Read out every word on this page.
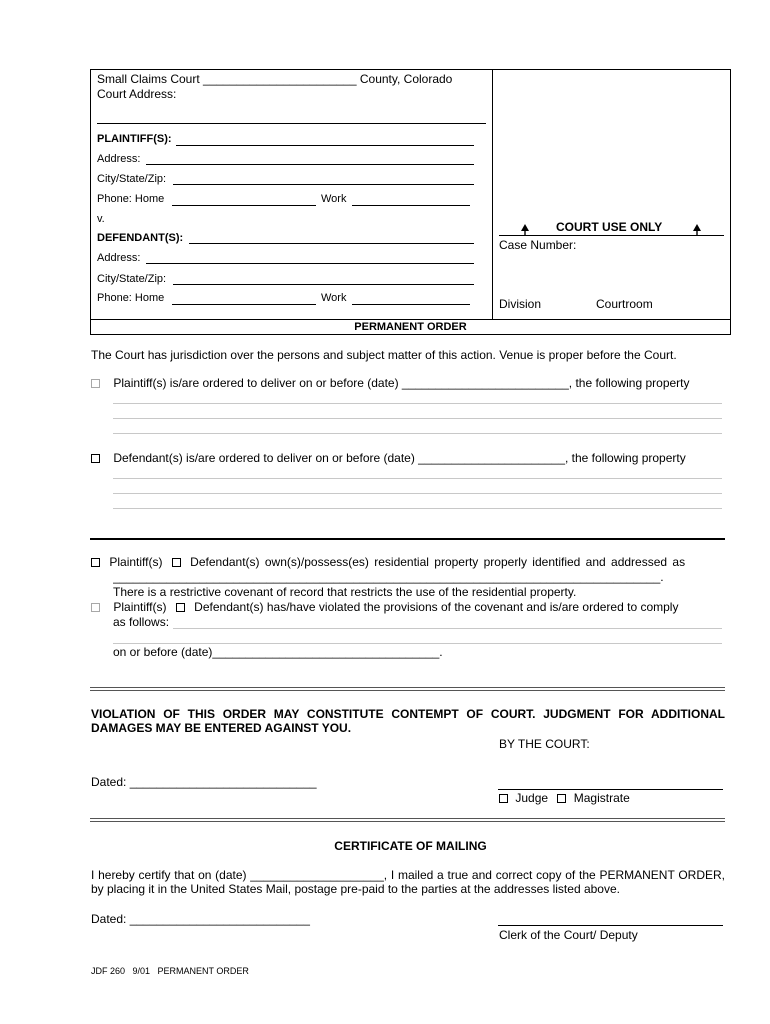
Small Claims Court _______________________ County, Colorado
Court Address:
PLAINTIFF(S):
Address:
City/State/Zip:
Phone: Home	Work
v.
DEFENDANT(S):
Address:
City/State/Zip:
Phone: Home	Work
COURT USE ONLY
Case Number:
Division	Courtroom
PERMANENT ORDER
The Court has jurisdiction over the persons and subject matter of this action. Venue is proper before the Court.
Plaintiff(s) is/are ordered to deliver on or before (date) _________________________, the following property
Defendant(s) is/are ordered to deliver on or before (date) ______________________, the following property
Plaintiff(s) Defendant(s) own(s)/possess(es) residential property properly identified and addressed as
__________________________________________________________________________________.
There is a restrictive covenant of record that restricts the use of the residential property.
Plaintiff(s) Defendant(s) has/have violated the provisions of the covenant and is/are ordered to comply
as follows:
on or before (date)__________________________________.
VIOLATION OF THIS ORDER MAY CONSTITUTE CONTEMPT OF COURT. JUDGMENT FOR ADDITIONAL DAMAGES MAY BE ENTERED AGAINST YOU.
BY THE COURT:
Dated: ____________________________
Judge Magistrate
CERTIFICATE OF MAILING
I hereby certify that on (date) ____________________, I mailed a true and correct copy of the PERMANENT ORDER, by placing it in the United States Mail, postage pre-paid to the parties at the addresses listed above.
Dated: ___________________________
Clerk of the Court/ Deputy
JDF 260   9/01   PERMANENT ORDER
